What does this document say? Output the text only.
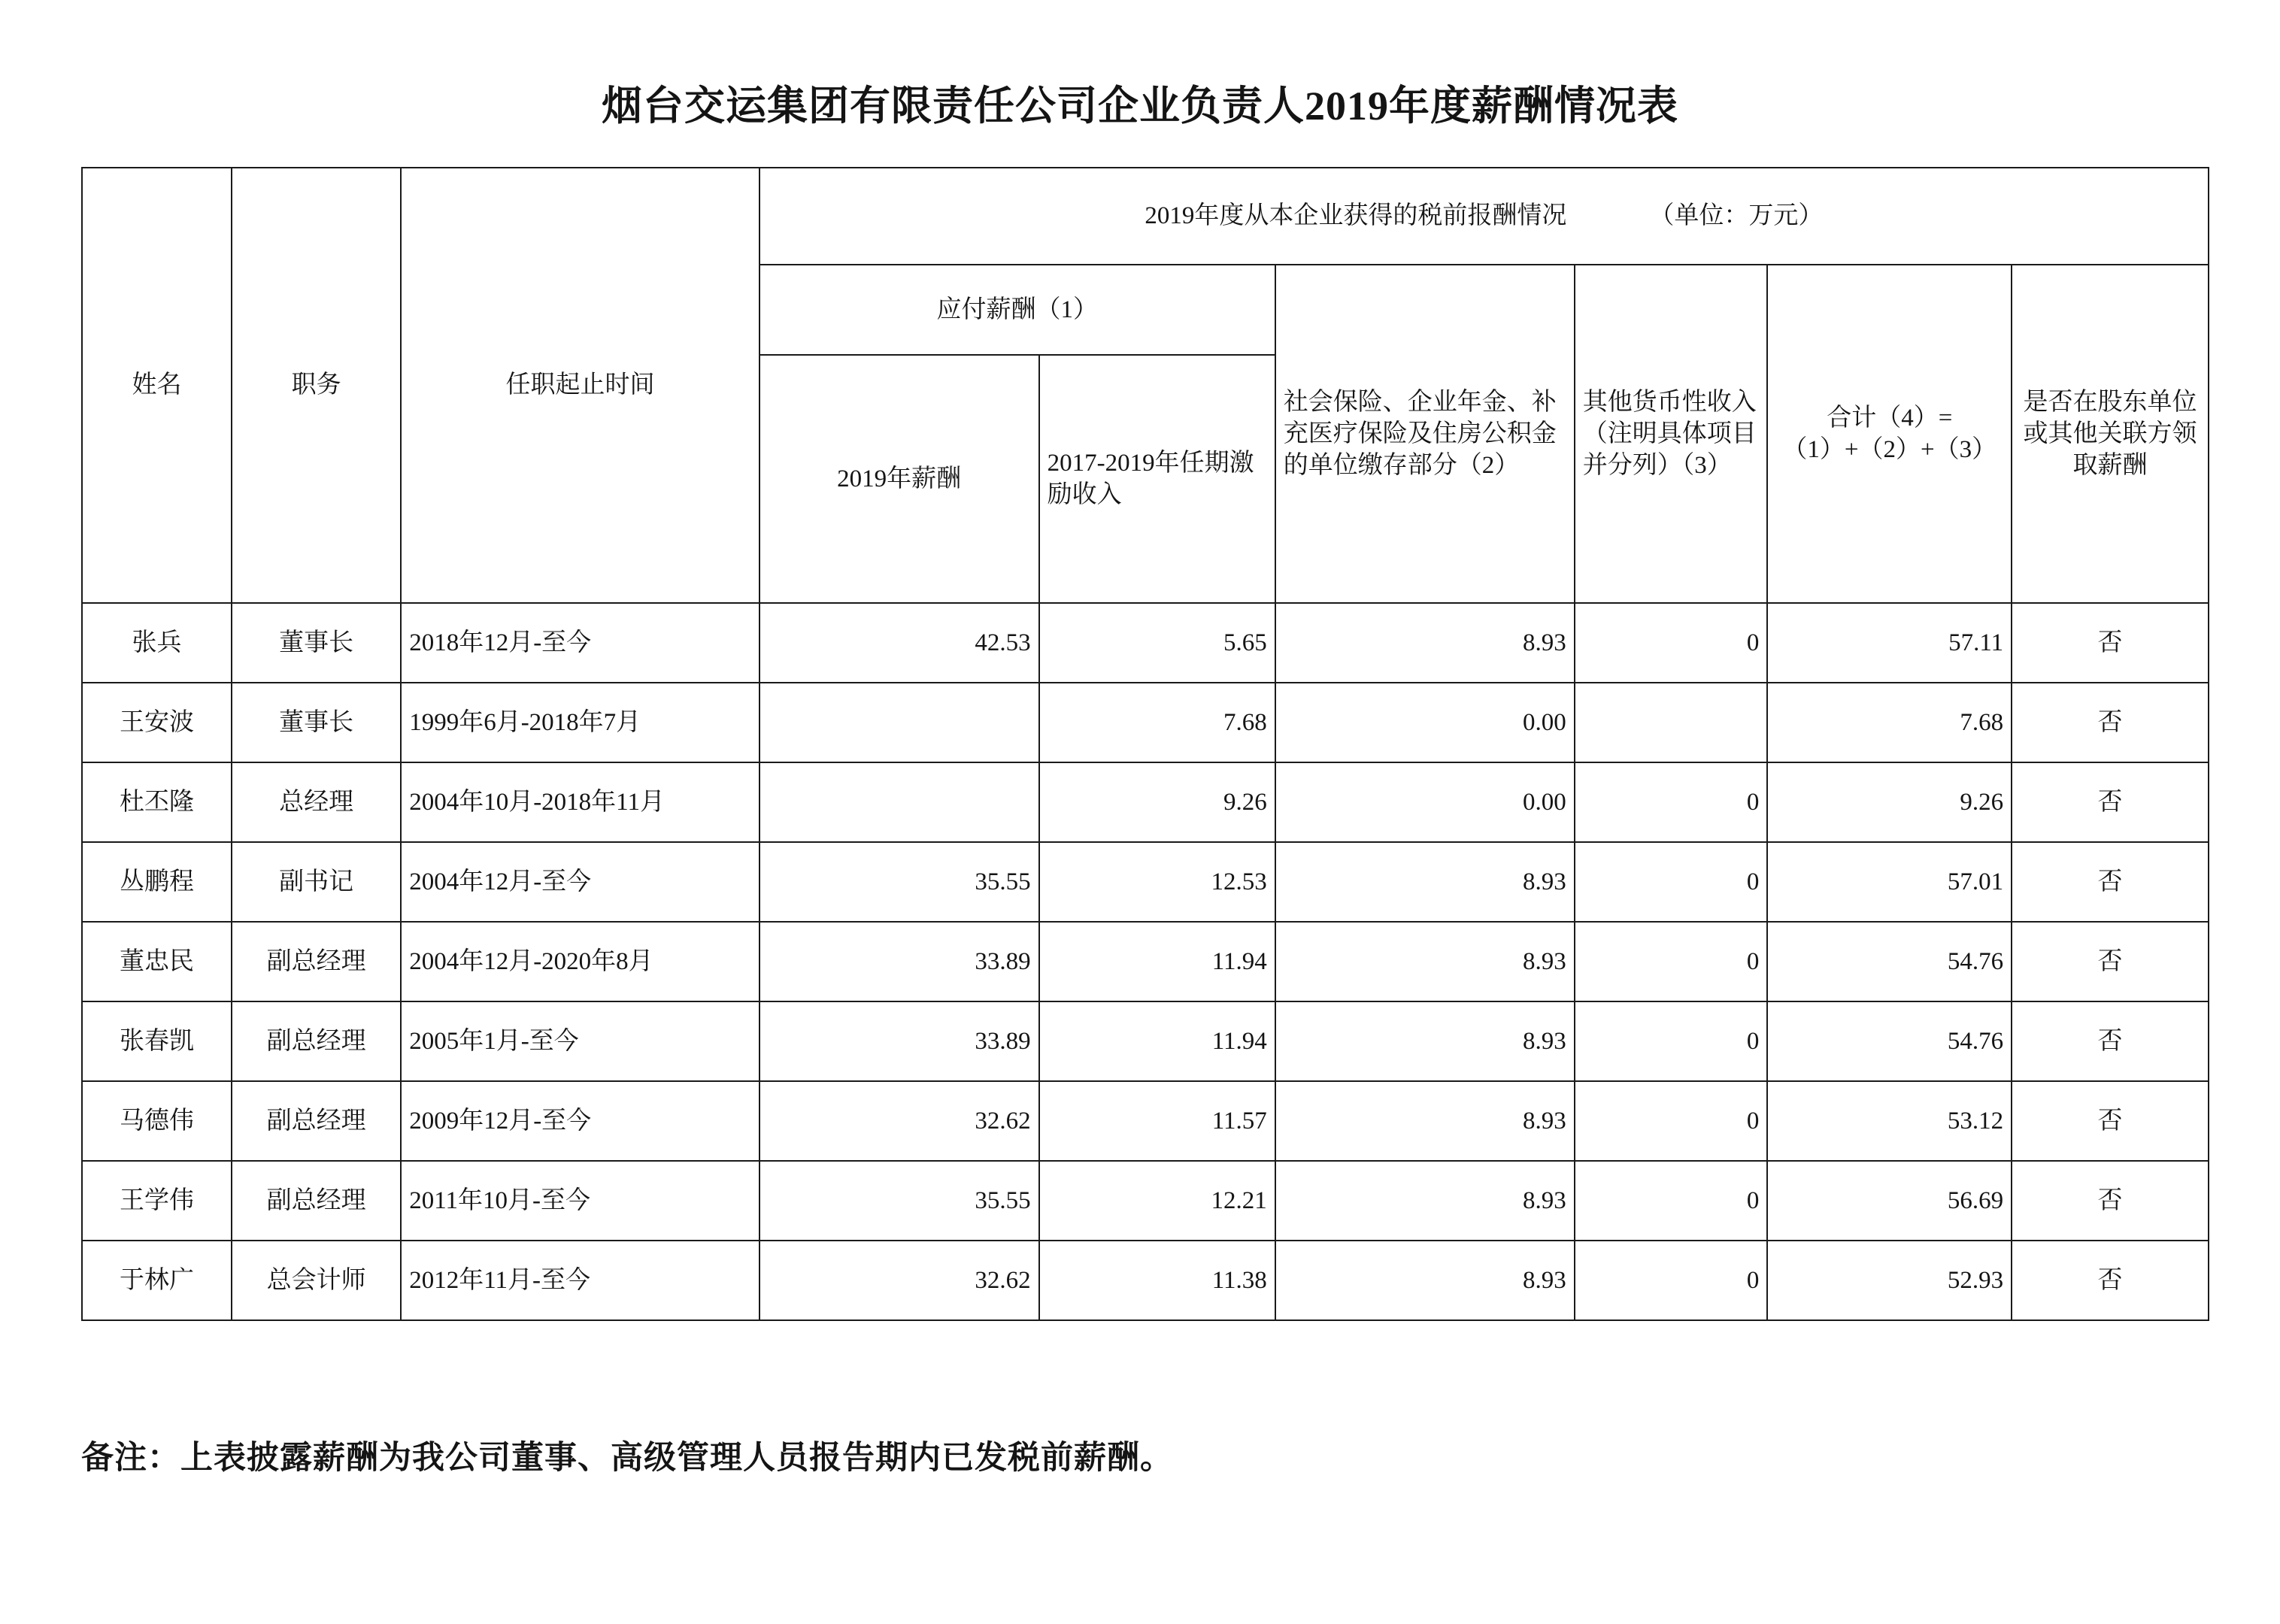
烟台交运集团有限责任公司企业负责人2019年度薪酬情况表
姓名	职务	任职起止时间	2019年度从本企业获得的税前报酬情况 （单位：万元）					
			应付薪酬（1）		社会保险、企业年金、补充医疗保险及住房公积金的单位缴存部分（2）	其他货币性收入（注明具体项目并分列）（3）	合计（4）=（1）+（2）+（3）	是否在股东单位或其他关联方领取薪酬
			2019年薪酬	2017-2019年任期激励收入				
张兵	董事长	2018年12月-至今	42.53	5.65	8.93	0	57.11	否
王安波	董事长	1999年6月-2018年7月		7.68	0.00		7.68	否
杜丕隆	总经理	2004年10月-2018年11月		9.26	0.00	0	9.26	否
丛鹏程	副书记	2004年12月-至今	35.55	12.53	8.93	0	57.01	否
董忠民	副总经理	2004年12月-2020年8月	33.89	11.94	8.93	0	54.76	否
张春凯	副总经理	2005年1月-至今	33.89	11.94	8.93	0	54.76	否
马德伟	副总经理	2009年12月-至今	32.62	11.57	8.93	0	53.12	否
王学伟	副总经理	2011年10月-至今	35.55	12.21	8.93	0	56.69	否
于林广	总会计师	2012年11月-至今	32.62	11.38	8.93	0	52.93	否
备注：上表披露薪酬为我公司董事、高级管理人员报告期内已发税前薪酬。
